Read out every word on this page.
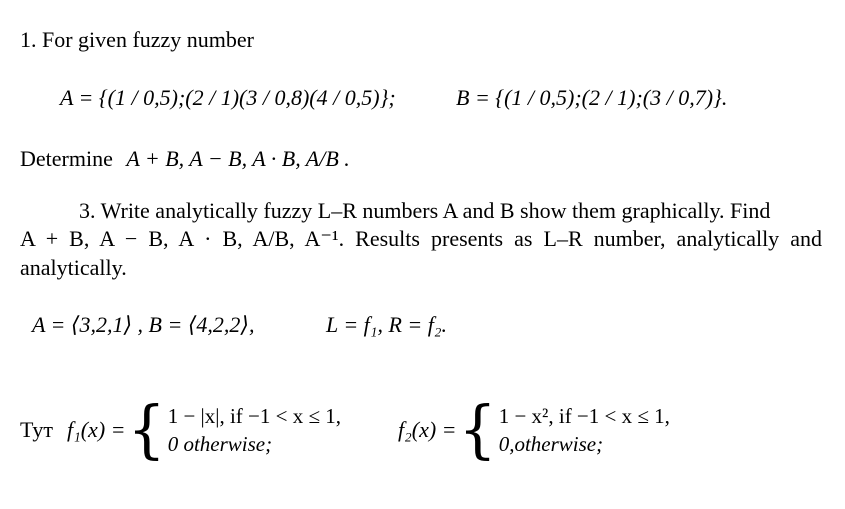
1. For given fuzzy number
A = {(1 / 0,5);(2 / 1)(3 / 0,8)(4 / 0,5)};	B = {(1 / 0,5);(2 / 1);(3 / 0,7)}.
Determine A + B, A − B, A · B, A/B .
3. Write analytically fuzzy L–R numbers A and B show them graphically. Find
A + B, A − B, A · B, A/B, A⁻¹. Results presents as L–R number, analytically and
analytically.
A = ⟨3,2,1⟩ , B = ⟨4,2,2⟩,	L = f₁, R = f₂.
Тут f₁(x) = { 1 − |x|, if −1 < x ≤ 1,
0 otherwise;
f₂(x) = { 1 − x², if −1 < x ≤ 1,
0,otherwise;
